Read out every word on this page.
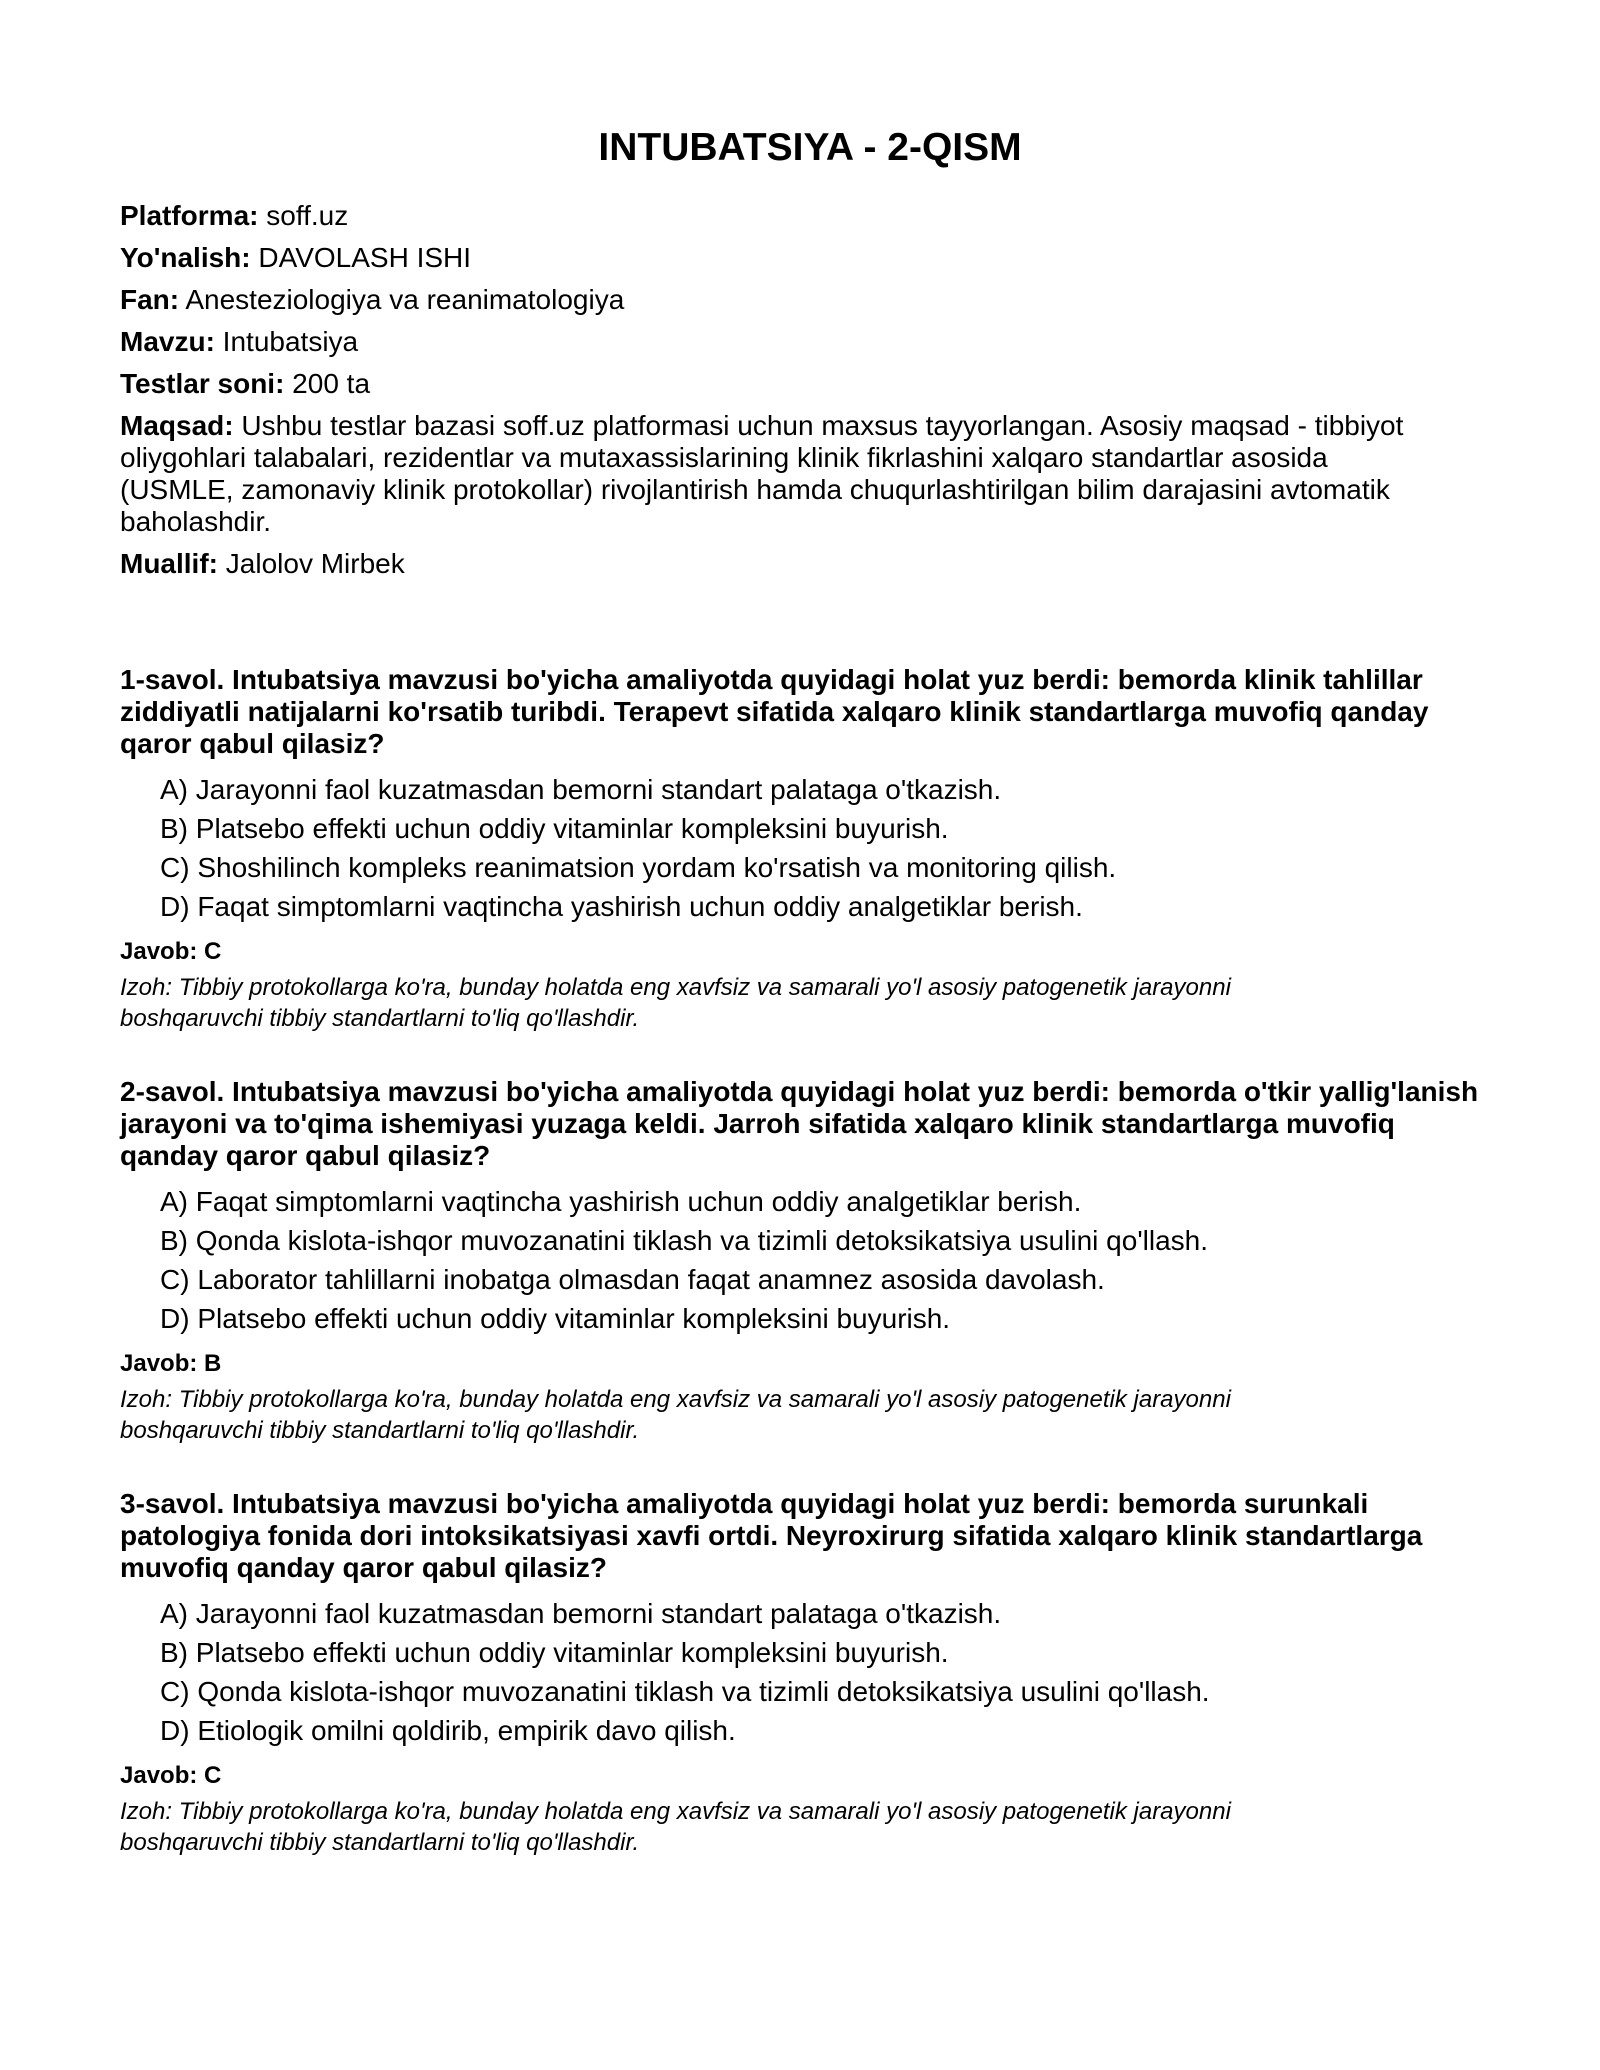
INTUBATSIYA - 2-QISM

Platforma: soff.uz

Yo'nalish: DAVOLASH ISHI

Fan: Anesteziologiya va reanimatologiya

Mavzu: Intubatsiya

Testlar soni: 200 ta

Maqsad: Ushbu testlar bazasi soff.uz platformasi uchun maxsus tayyorlangan. Asosiy maqsad - tibbiyot oliygohlari talabalari, rezidentlar va mutaxassislarining klinik fikrlashini xalqaro standartlar asosida (USMLE, zamonaviy klinik protokollar) rivojlantirish hamda chuqurlashtirilgan bilim darajasini avtomatik baholashdir.

Muallif: Jalolov Mirbek

1-savol. Intubatsiya mavzusi bo'yicha amaliyotda quyidagi holat yuz berdi: bemorda klinik tahlillar ziddiyatli natijalarni ko'rsatib turibdi. Terapevt sifatida xalqaro klinik standartlarga muvofiq qanday qaror qabul qilasiz?

A) Jarayonni faol kuzatmasdan bemorni standart palataga o'tkazish.
B) Platsebo effekti uchun oddiy vitaminlar kompleksini buyurish.
C) Shoshilinch kompleks reanimatsion yordam ko'rsatish va monitoring qilish.
D) Faqat simptomlarni vaqtincha yashirish uchun oddiy analgetiklar berish.
Javob: C
Izoh: Tibbiy protokollarga ko'ra, bunday holatda eng xavfsiz va samarali yo'l asosiy patogenetik jarayonni boshqaruvchi tibbiy standartlarni to'liq qo'llashdir.

2-savol. Intubatsiya mavzusi bo'yicha amaliyotda quyidagi holat yuz berdi: bemorda o'tkir yallig'lanish jarayoni va to'qima ishemiyasi yuzaga keldi. Jarroh sifatida xalqaro klinik standartlarga muvofiq qanday qaror qabul qilasiz?

A) Faqat simptomlarni vaqtincha yashirish uchun oddiy analgetiklar berish.
B) Qonda kislota-ishqor muvozanatini tiklash va tizimli detoksikatsiya usulini qo'llash.
C) Laborator tahlillarni inobatga olmasdan faqat anamnez asosida davolash.
D) Platsebo effekti uchun oddiy vitaminlar kompleksini buyurish.
Javob: B
Izoh: Tibbiy protokollarga ko'ra, bunday holatda eng xavfsiz va samarali yo'l asosiy patogenetik jarayonni boshqaruvchi tibbiy standartlarni to'liq qo'llashdir.

3-savol. Intubatsiya mavzusi bo'yicha amaliyotda quyidagi holat yuz berdi: bemorda surunkali patologiya fonida dori intoksikatsiyasi xavfi ortdi. Neyroxirurg sifatida xalqaro klinik standartlarga muvofiq qanday qaror qabul qilasiz?

A) Jarayonni faol kuzatmasdan bemorni standart palataga o'tkazish.
B) Platsebo effekti uchun oddiy vitaminlar kompleksini buyurish.
C) Qonda kislota-ishqor muvozanatini tiklash va tizimli detoksikatsiya usulini qo'llash.
D) Etiologik omilni qoldirib, empirik davo qilish.
Javob: C
Izoh: Tibbiy protokollarga ko'ra, bunday holatda eng xavfsiz va samarali yo'l asosiy patogenetik jarayonni boshqaruvchi tibbiy standartlarni to'liq qo'llashdir.
